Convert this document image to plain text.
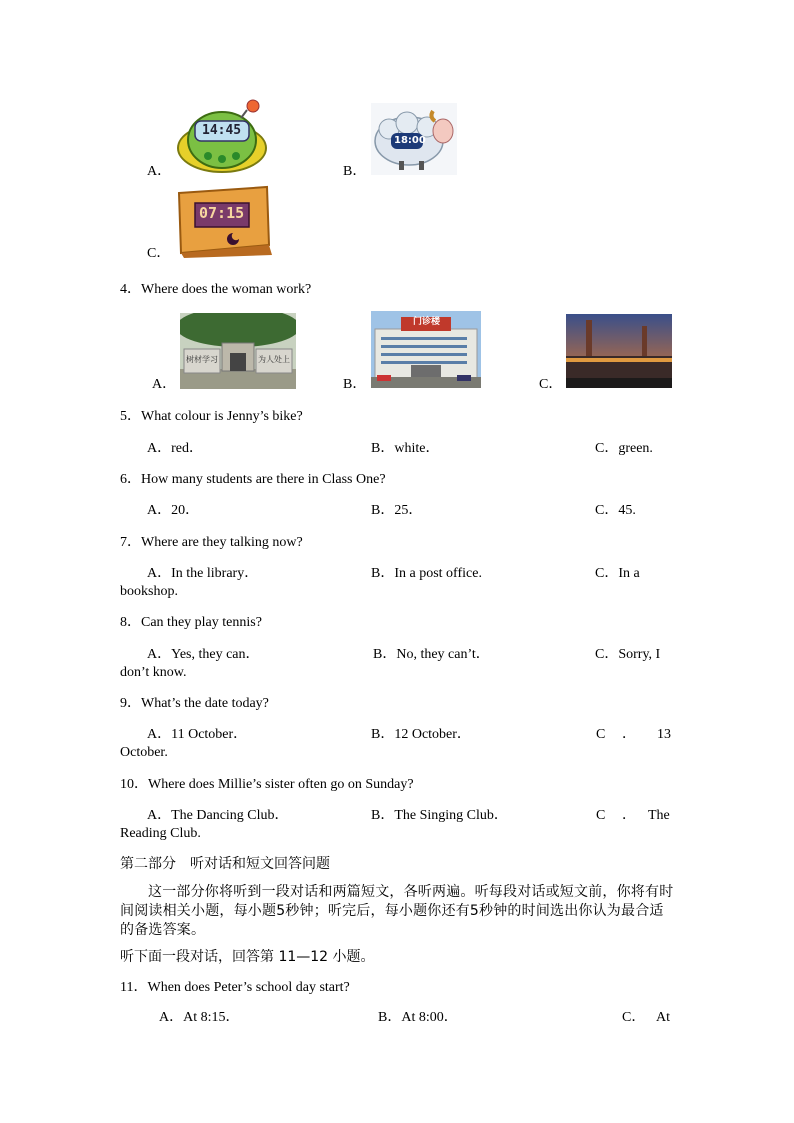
A．
14:45
B．
18:00
C．
07:15
4．Where does the woman work?
A．
树材学习	为人处上
B．
门诊楼
C．
5．What colour is Jenny’s bike?
A．red．	B．white．	C．green.
6．How many students are there in Class One?
A．20．	B．25．	C．45.
7．Where are they talking now?
A．In the library．	B．In a post office.	C．In a
bookshop.
8．Can they play tennis?
A．Yes, they can．	B．No, they can’t．	C．Sorry, I
don’t know.
9．What’s the date today?
A．11 October．	B．12 October．	C ． 13
October.
10．Where does Millie’s sister often go on Sunday?
A．The Dancing Club．	B．The Singing Club．	C ． The
Reading Club.
第二部分　听对话和短文回答问题
这一部分你将听到一段对话和两篇短文，各听两遍。听每段对话或短文前，你将有时间阅读相关小题，每小题5秒钟；听完后，每小题你还有5秒钟的时间选出你认为最合适的备选答案。
听下面一段对话，回答第 11—12 小题。
11．When does Peter’s school day start?
A．At 8:15．	B．At 8:00．	C． At
